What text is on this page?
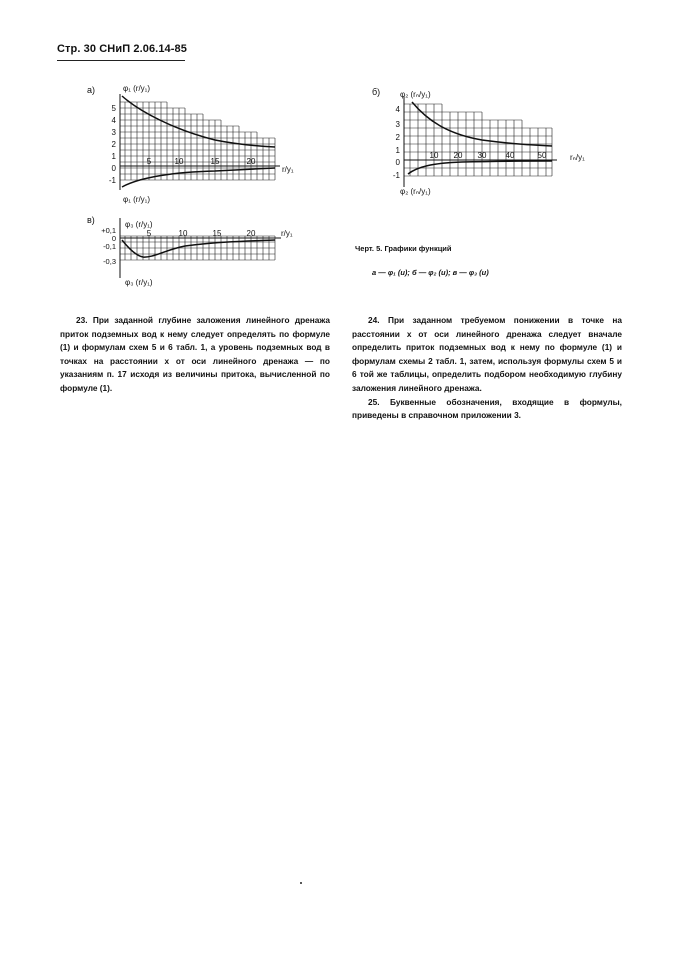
Стр. 30 СНиП 2.06.14-85
а)	φ₁ (r/y₁)
5
4
3
2
1
0
-1
5	10	15	20
r/y₁
φ₁ (r/y₁)
б) φ₂ (rₙ/y₁)
4
3
2
1
0
-1
10 20 30 40	50	rₙ/y₁
φ₂ (rₙ/y₁)
в)	φ₃ (r/y₁)
+0,1
0
-0,1
-0,3
5	10	15	20	r/y₁
φ₃ (r/y₁)
Черт. 5. Графики функций
а — φ₁ (u); б — φ₂ (u); в — φ₃ (u)

23. При заданной глубине заложения линейного дренажа приток подземных вод к нему следует определять по формуле (1) и формулам схем 5 и 6 табл. 1, а уровень подземных вод в точках на расстоянии x от оси линейного дренажа — по указаниям п. 17 исходя из величины притока, вычисленной по формуле (1).

24. При заданном требуемом понижении в точке на расстоянии x от оси линейного дренажа следует вначале определить приток подземных вод к нему по формуле (1) и формулам схемы 2 табл. 1, затем, используя формулы схем 5 и 6 той же таблицы, определить подбором необходимую глубину заложения линейного дренажа.

25. Буквенные обозначения, входящие в формулы, приведены в справочном приложении 3.
